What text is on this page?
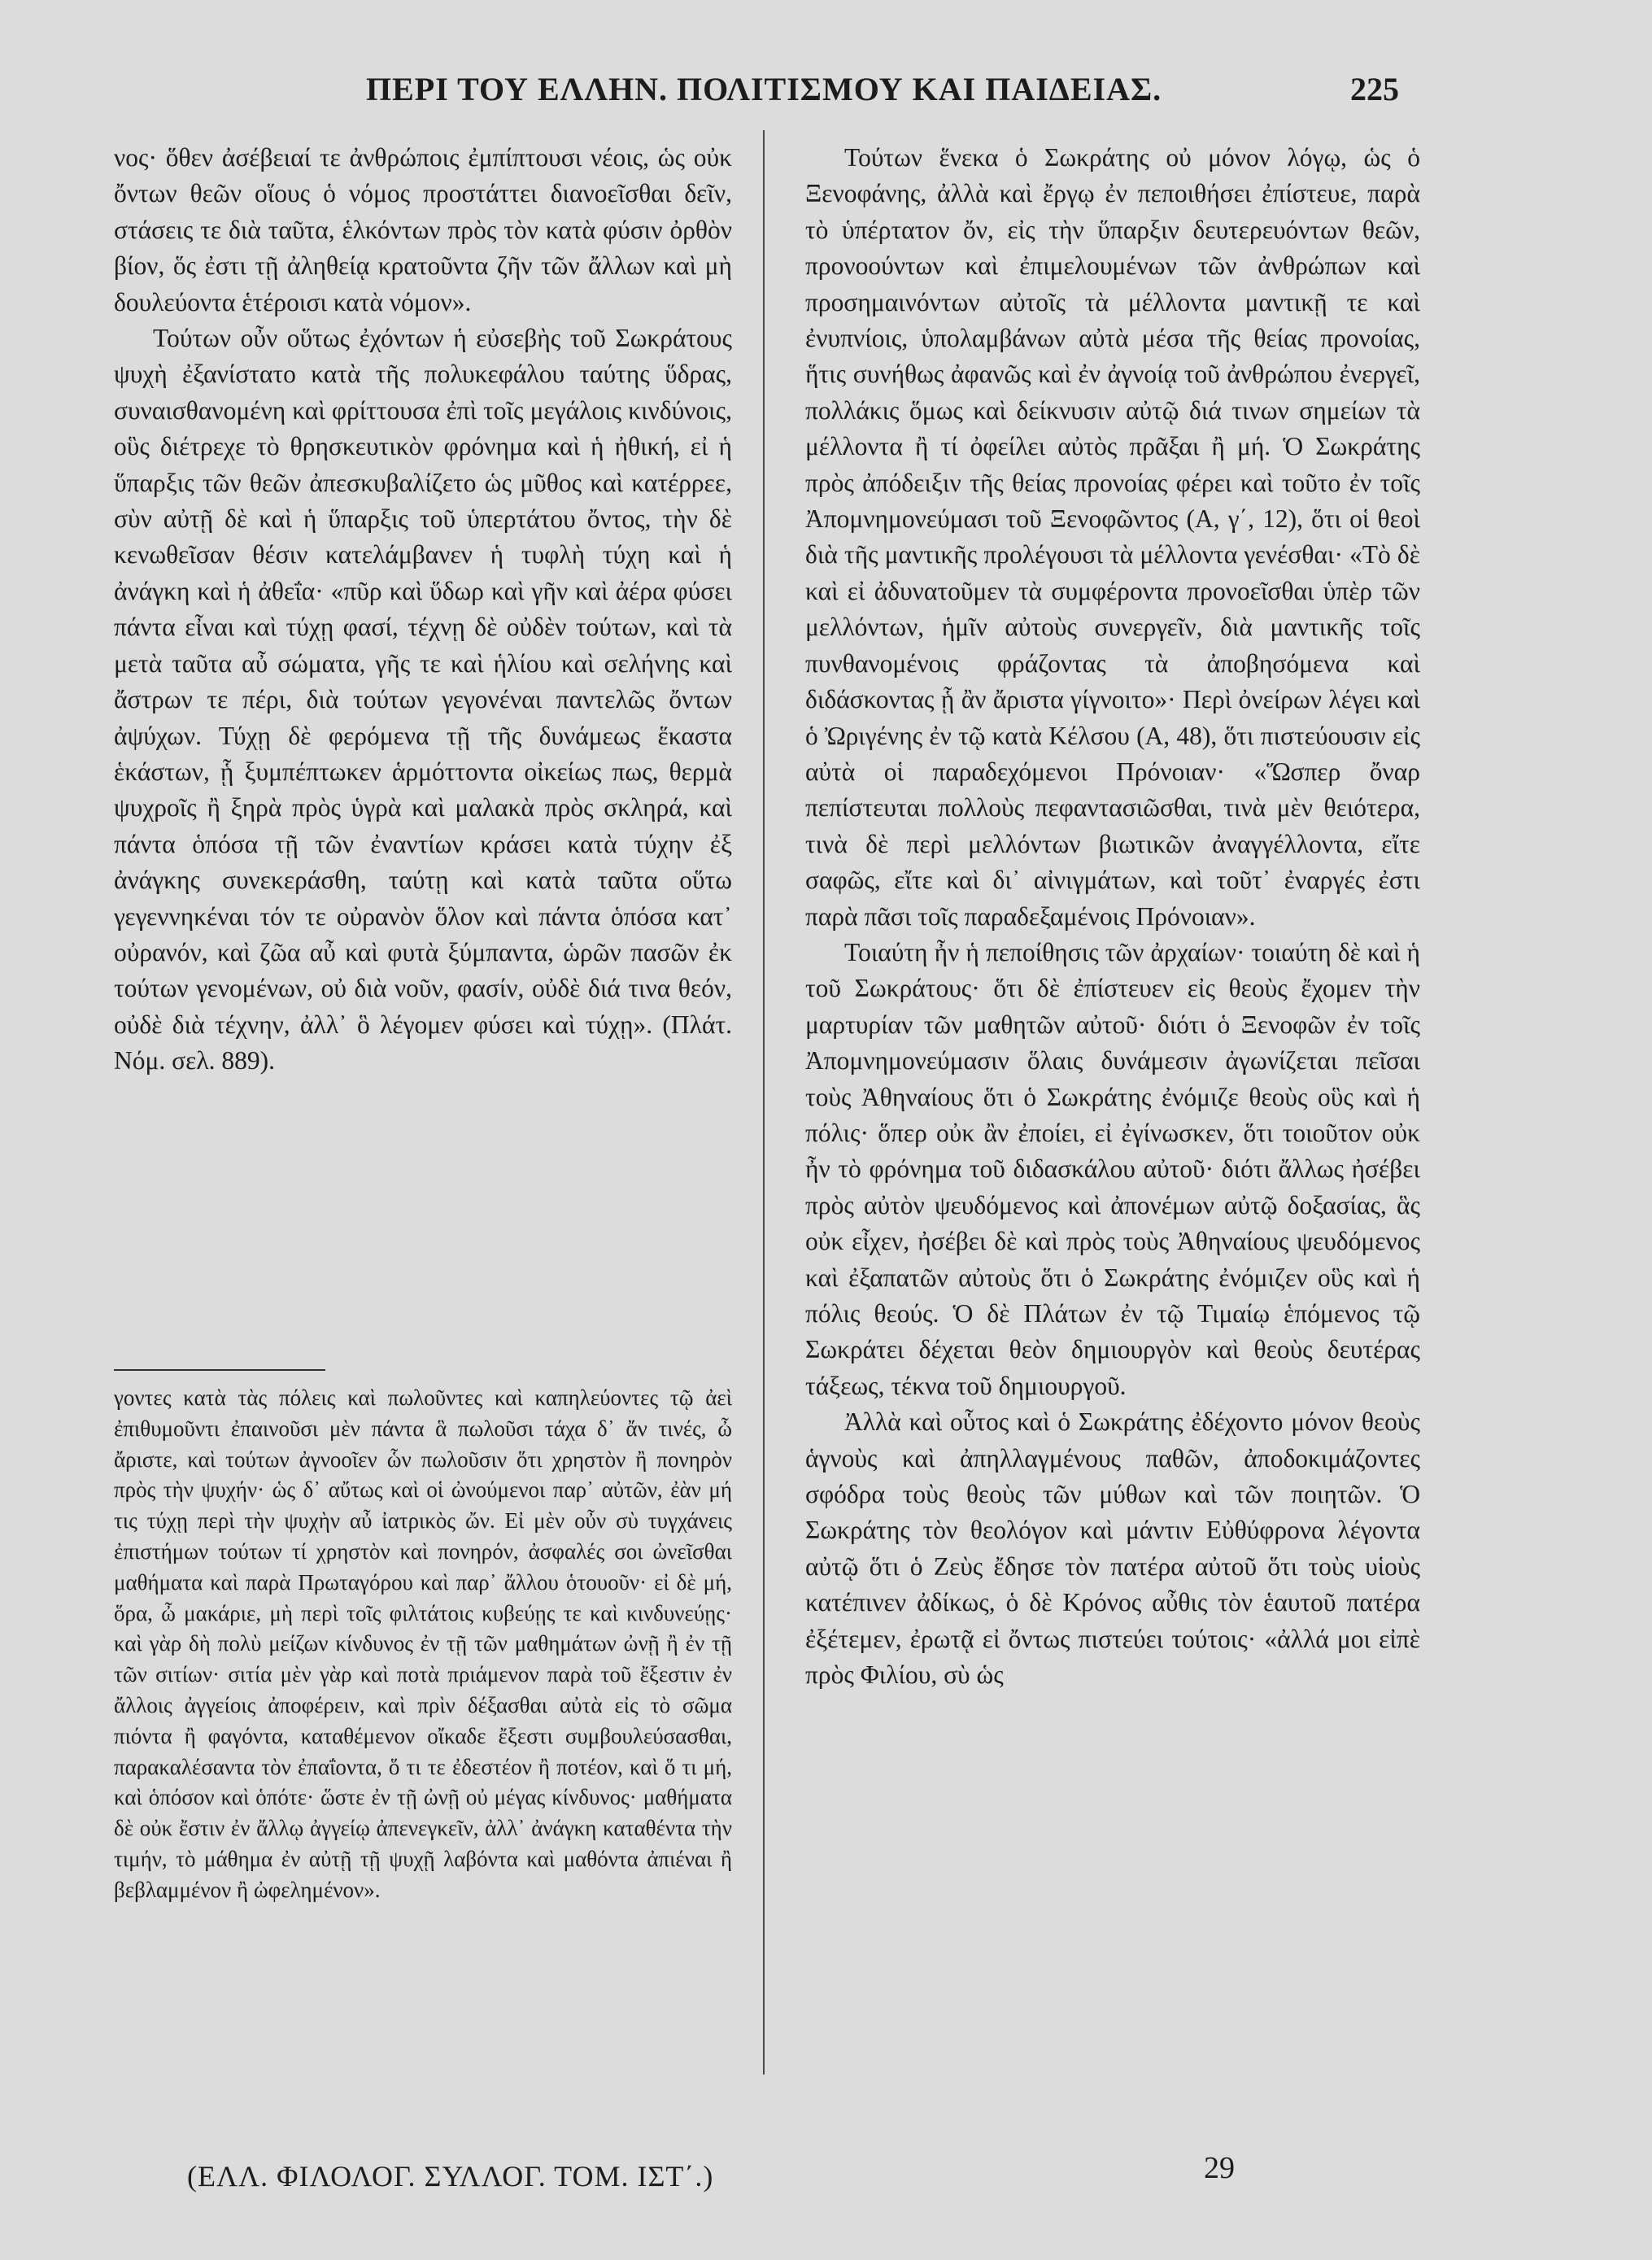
ΠΕΡΙ ΤΟΥ ΕΛΛΗΝ. ΠΟΛΙΤΙΣΜΟΥ ΚΑΙ ΠΑΙΔΕΙΑΣ.	225

νος· ὅθεν ἀσέβειαί τε ἀνθρώποις ἐμπίπτουσι νέοις, ὡς οὐκ ὄντων θεῶν οἵους ὁ νόμος προστάττει διανοεῖσθαι δεῖν, στάσεις τε διὰ ταῦτα, ἑλκόντων πρὸς τὸν κατὰ φύσιν ὀρθὸν βίον, ὅς ἐστι τῇ ἀληθείᾳ κρατοῦντα ζῆν τῶν ἄλλων καὶ μὴ δουλεύοντα ἑτέροισι κατὰ νόμον».

Τούτων οὖν οὕτως ἐχόντων ἡ εὐσεβὴς τοῦ Σωκράτους ψυχὴ ἐξανίστατο κατὰ τῆς πολυκεφάλου ταύτης ὕδρας, συναισθανομένη καὶ φρίττουσα ἐπὶ τοῖς μεγάλοις κινδύνοις, οὓς διέτρεχε τὸ θρησκευτικὸν φρόνημα καὶ ἡ ἠθική, εἰ ἡ ὕπαρξις τῶν θεῶν ἀπεσκυβαλίζετο ὡς μῦθος καὶ κατέρρεε, σὺν αὐτῇ δὲ καὶ ἡ ὕπαρξις τοῦ ὑπερτάτου ὄντος, τὴν δὲ κενωθεῖσαν θέσιν κατελάμβανεν ἡ τυφλὴ τύχη καὶ ἡ ἀνάγκη καὶ ἡ ἀθεΐα· «πῦρ καὶ ὕδωρ καὶ γῆν καὶ ἀέρα φύσει πάντα εἶναι καὶ τύχῃ φασί, τέχνῃ δὲ οὐδὲν τούτων, καὶ τὰ μετὰ ταῦτα αὖ σώματα, γῆς τε καὶ ἡλίου καὶ σελήνης καὶ ἄστρων τε πέρι, διὰ τούτων γεγονέναι παντελῶς ὄντων ἀψύχων. Τύχῃ δὲ φερόμενα τῇ τῆς δυνάμεως ἕκαστα ἑκάστων, ᾗ ξυμπέπτωκεν ἁρμόττοντα οἰκείως πως, θερμὰ ψυχροῖς ἢ ξηρὰ πρὸς ὑγρὰ καὶ μαλακὰ πρὸς σκληρά, καὶ πάντα ὁπόσα τῇ τῶν ἐναντίων κράσει κατὰ τύχην ἐξ ἀνάγκης συνεκεράσθη, ταύτῃ καὶ κατὰ ταῦτα οὕτω γεγεννηκέναι τόν τε οὐρανὸν ὅλον καὶ πάντα ὁπόσα κατ᾽ οὐρανόν, καὶ ζῶα αὖ καὶ φυτὰ ξύμπαντα, ὡρῶν πασῶν ἐκ τούτων γενομένων, οὐ διὰ νοῦν, φασίν, οὐδὲ διά τινα θεόν, οὐδὲ διὰ τέχνην, ἀλλ᾽ ὃ λέγομεν φύσει καὶ τύχῃ». (Πλάτ. Νόμ. σελ. 889).

γοντες κατὰ τὰς πόλεις καὶ πωλοῦντες καὶ καπηλεύοντες τῷ ἀεὶ ἐπιθυμοῦντι ἐπαινοῦσι μὲν πάντα ἃ πωλοῦσι τάχα δ᾽ ἄν τινές, ὦ ἄριστε, καὶ τούτων ἀγνοοῖεν ὧν πωλοῦσιν ὅτι χρηστὸν ἢ πονηρὸν πρὸς τὴν ψυχήν· ὡς δ᾽ αὔτως καὶ οἱ ὠνούμενοι παρ᾽ αὐτῶν, ἐὰν μή τις τύχῃ περὶ τὴν ψυχὴν αὖ ἰατρικὸς ὤν. Εἰ μὲν οὖν σὺ τυγχάνεις ἐπιστήμων τούτων τί χρηστὸν καὶ πονηρόν, ἀσφαλές σοι ὠνεῖσθαι μαθήματα καὶ παρὰ Πρωταγόρου καὶ παρ᾽ ἄλλου ὁτουοῦν· εἰ δὲ μή, ὅρα, ὦ μακάριε, μὴ περὶ τοῖς φιλτάτοις κυβεύῃς τε καὶ κινδυνεύῃς· καὶ γὰρ δὴ πολὺ μείζων κίνδυνος ἐν τῇ τῶν μαθημάτων ὠνῇ ἢ ἐν τῇ τῶν σιτίων· σιτία μὲν γὰρ καὶ ποτὰ πριάμενον παρὰ τοῦ ἔξεστιν ἐν ἄλλοις ἀγγείοις ἀποφέρειν, καὶ πρὶν δέξασθαι αὐτὰ εἰς τὸ σῶμα πιόντα ἢ φαγόντα, καταθέμενον οἴκαδε ἔξεστι συμβουλεύσασθαι, παρακαλέσαντα τὸν ἐπαΐοντα, ὅ τι τε ἐδεστέον ἢ ποτέον, καὶ ὅ τι μή, καὶ ὁπόσον καὶ ὁπότε· ὥστε ἐν τῇ ὠνῇ οὐ μέγας κίνδυνος· μαθήματα δὲ οὐκ ἔστιν ἐν ἄλλῳ ἀγγείῳ ἀπενεγκεῖν, ἀλλ᾽ ἀνάγκη καταθέντα τὴν τιμήν, τὸ μάθημα ἐν αὐτῇ τῇ ψυχῇ λαβόντα καὶ μαθόντα ἀπιέναι ἢ βεβλαμμένον ἢ ὠφελημένον».

Τούτων ἕνεκα ὁ Σωκράτης οὐ μόνον λόγῳ, ὡς ὁ Ξενοφάνης, ἀλλὰ καὶ ἔργῳ ἐν πεποιθήσει ἐπίστευε, παρὰ τὸ ὑπέρτατον ὄν, εἰς τὴν ὕπαρξιν δευτερευόντων θεῶν, προνοούντων καὶ ἐπιμελουμένων τῶν ἀνθρώπων καὶ προσημαινόντων αὐτοῖς τὰ μέλλοντα μαντικῇ τε καὶ ἐνυπνίοις, ὑπολαμβάνων αὐτὰ μέσα τῆς θείας προνοίας, ἥτις συνήθως ἀφανῶς καὶ ἐν ἀγνοίᾳ τοῦ ἀνθρώπου ἐνεργεῖ, πολλάκις ὅμως καὶ δείκνυσιν αὐτῷ διά τινων σημείων τὰ μέλλοντα ἢ τί ὀφείλει αὐτὸς πρᾶξαι ἢ μή. Ὁ Σωκράτης πρὸς ἀπόδειξιν τῆς θείας προνοίας φέρει καὶ τοῦτο ἐν τοῖς Ἀπομνημονεύμασι τοῦ Ξενοφῶντος (Α, γ΄, 12), ὅτι οἱ θεοὶ διὰ τῆς μαντικῆς προλέγουσι τὰ μέλλοντα γενέσθαι· «Τὸ δὲ καὶ εἰ ἀδυνατοῦμεν τὰ συμφέροντα προνοεῖσθαι ὑπὲρ τῶν μελλόντων, ἡμῖν αὐτοὺς συνεργεῖν, διὰ μαντικῆς τοῖς πυνθανομένοις φράζοντας τὰ ἀποβησόμενα καὶ διδάσκοντας ᾗ ἂν ἄριστα γίγνοιτο»· Περὶ ὀνείρων λέγει καὶ ὁ Ὠριγένης ἐν τῷ κατὰ Κέλσου (Α, 48), ὅτι πιστεύουσιν εἰς αὐτὰ οἱ παραδεχόμενοι Πρόνοιαν· «Ὥσπερ ὄναρ πεπίστευται πολλοὺς πεφαντασιῶσθαι, τινὰ μὲν θειότερα, τινὰ δὲ περὶ μελλόντων βιωτικῶν ἀναγγέλλοντα, εἴτε σαφῶς, εἴτε καὶ δι᾽ αἰνιγμάτων, καὶ τοῦτ᾽ ἐναργές ἐστι παρὰ πᾶσι τοῖς παραδεξαμένοις Πρόνοιαν».

Τοιαύτη ἦν ἡ πεποίθησις τῶν ἀρχαίων· τοιαύτη δὲ καὶ ἡ τοῦ Σωκράτους· ὅτι δὲ ἐπίστευεν εἰς θεοὺς ἔχομεν τὴν μαρτυρίαν τῶν μαθητῶν αὐτοῦ· διότι ὁ Ξενοφῶν ἐν τοῖς Ἀπομνημονεύμασιν ὅλαις δυνάμεσιν ἀγωνίζεται πεῖσαι τοὺς Ἀθηναίους ὅτι ὁ Σωκράτης ἐνόμιζε θεοὺς οὓς καὶ ἡ πόλις· ὅπερ οὐκ ἂν ἐποίει, εἰ ἐγίνωσκεν, ὅτι τοιοῦτον οὐκ ἦν τὸ φρόνημα τοῦ διδασκάλου αὐτοῦ· διότι ἄλλως ἠσέβει πρὸς αὐτὸν ψευδόμενος καὶ ἀπονέμων αὐτῷ δοξασίας, ἃς οὐκ εἶχεν, ἠσέβει δὲ καὶ πρὸς τοὺς Ἀθηναίους ψευδόμενος καὶ ἐξαπατῶν αὐτοὺς ὅτι ὁ Σωκράτης ἐνόμιζεν οὓς καὶ ἡ πόλις θεούς. Ὁ δὲ Πλάτων ἐν τῷ Τιμαίῳ ἑπόμενος τῷ Σωκράτει δέχεται θεὸν δημιουργὸν καὶ θεοὺς δευτέρας τάξεως, τέκνα τοῦ δημιουργοῦ.

Ἀλλὰ καὶ οὗτος καὶ ὁ Σωκράτης ἐδέχοντο μόνον θεοὺς ἁγνοὺς καὶ ἀπηλλαγμένους παθῶν, ἀποδοκιμάζοντες σφόδρα τοὺς θεοὺς τῶν μύθων καὶ τῶν ποιητῶν. Ὁ Σωκράτης τὸν θεολόγον καὶ μάντιν Εὐθύφρονα λέγοντα αὐτῷ ὅτι ὁ Ζεὺς ἔδησε τὸν πατέρα αὐτοῦ ὅτι τοὺς υἱοὺς κατέπινεν ἀδίκως, ὁ δὲ Κρόνος αὖθις τὸν ἑαυτοῦ πατέρα ἐξέτεμεν, ἐρωτᾷ εἰ ὄντως πιστεύει τούτοις· «ἀλλά μοι εἰπὲ πρὸς Φιλίου, σὺ ὡς

(ΕΛΛ. ΦΙΛΟΛΟΓ. ΣΥΛΛΟΓ. ΤΟΜ. ΙΣΤ΄.)	29
